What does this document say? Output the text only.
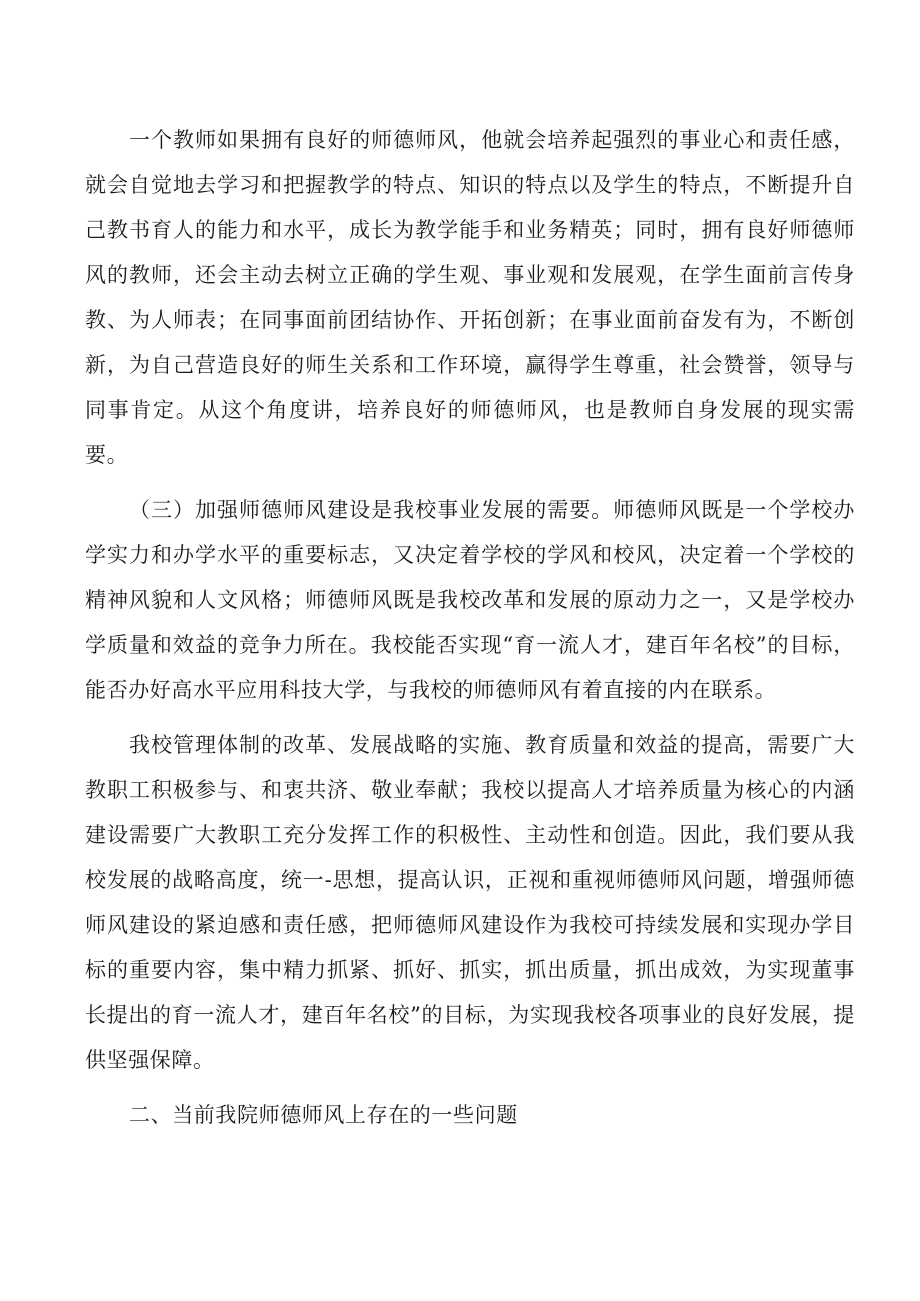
一个教师如果拥有良好的师德师风，他就会培养起强烈的事业心和责任感，就会自觉地去学习和把握教学的特点、知识的特点以及学生的特点，不断提升自己教书育人的能力和水平，成长为教学能手和业务精英；同时，拥有良好师德师风的教师，还会主动去树立正确的学生观、事业观和发展观，在学生面前言传身教、为人师表；在同事面前团结协作、开拓创新；在事业面前奋发有为，不断创新，为自己营造良好的师生关系和工作环境，赢得学生尊重，社会赞誉，领导与同事肯定。从这个角度讲，培养良好的师德师风，也是教师自身发展的现实需要。

（三）加强师德师风建设是我校事业发展的需要。师德师风既是一个学校办学实力和办学水平的重要标志，又决定着学校的学风和校风，决定着一个学校的精神风貌和人文风格；师德师风既是我校改革和发展的原动力之一，又是学校办学质量和效益的竞争力所在。我校能否实现“育一流人才，建百年名校”的目标，能否办好高水平应用科技大学，与我校的师德师风有着直接的内在联系。

我校管理体制的改革、发展战略的实施、教育质量和效益的提高，需要广大教职工积极参与、和衷共济、敬业奉献；我校以提高人才培养质量为核心的内涵建设需要广大教职工充分发挥工作的积极性、主动性和创造。因此，我们要从我校发展的战略高度，统一-思想，提高认识，正视和重视师德师风问题，增强师德师风建设的紧迫感和责任感，把师德师风建设作为我校可持续发展和实现办学目标的重要内容，集中精力抓紧、抓好、抓实，抓出质量，抓出成效，为实现董事长提出的育一流人才，建百年名校”的目标，为实现我校各项事业的良好发展，提供坚强保障。

二、当前我院师德师风上存在的一些问题
